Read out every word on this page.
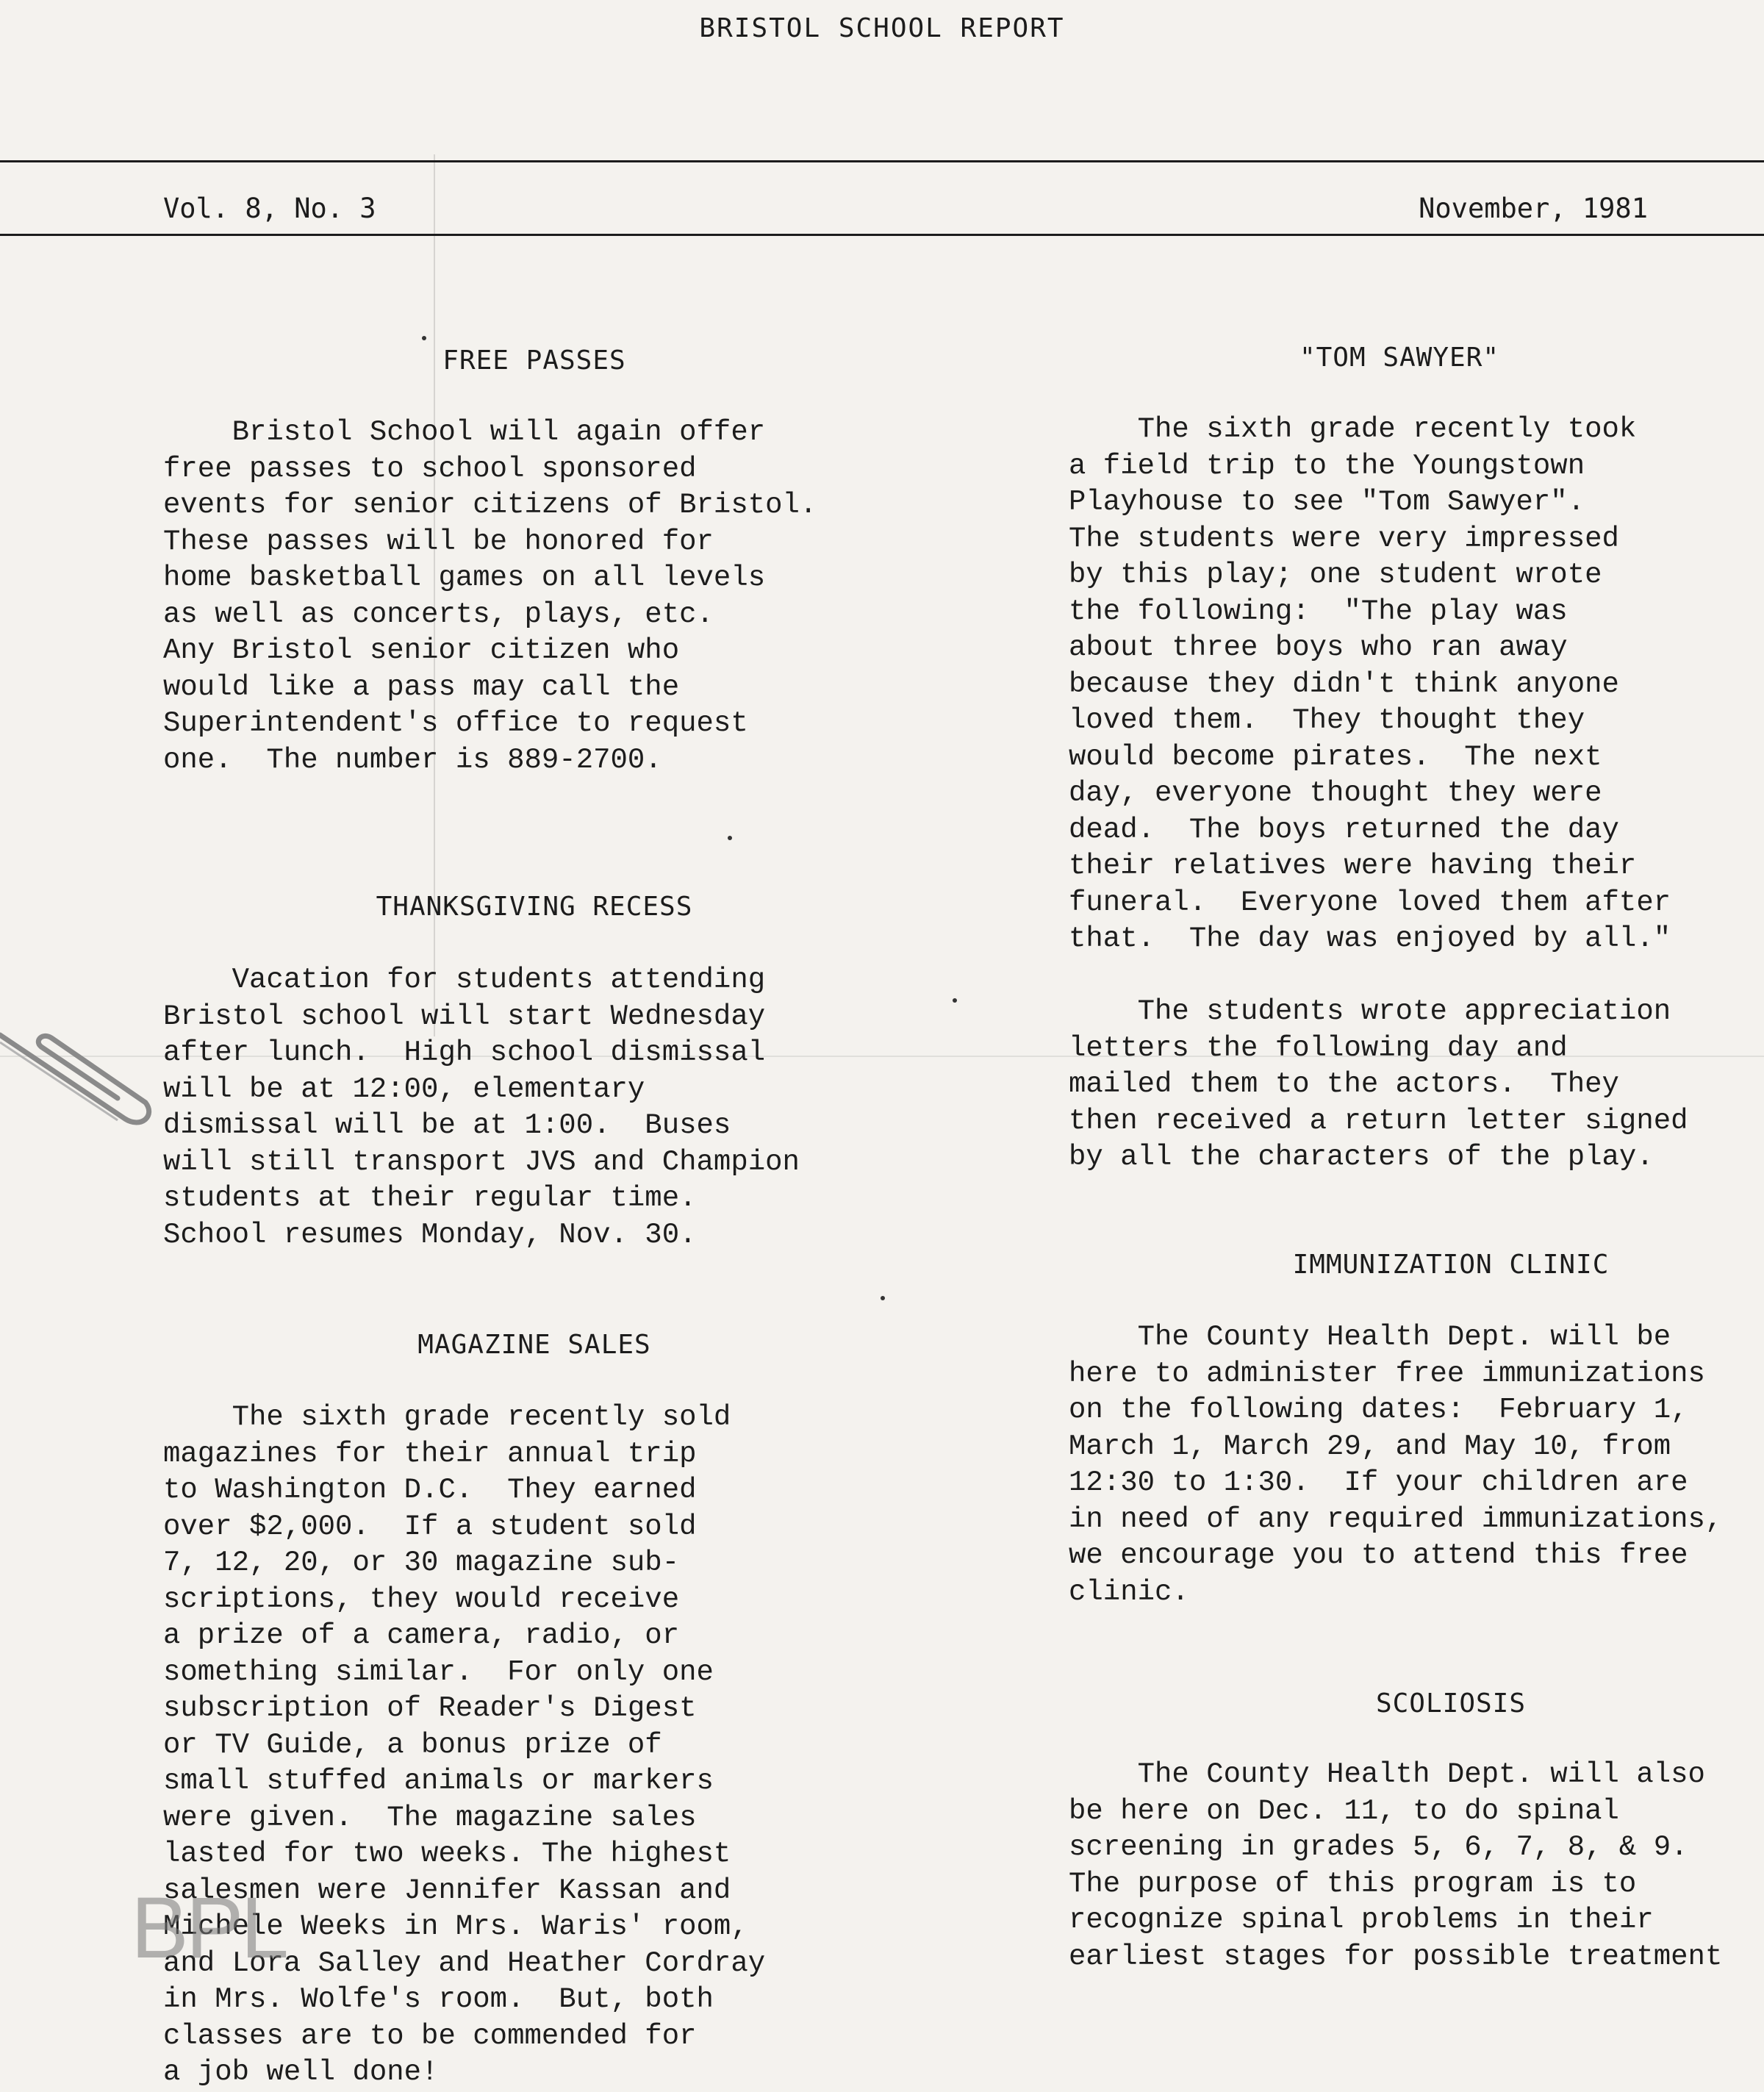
BRISTOL SCHOOL REPORT
Vol. 8, No. 3	November, 1981
FREE PASSES
Bristol School will again offer
free passes to school sponsored
events for senior citizens of Bristol.
These passes will be honored for
home basketball games on all levels
as well as concerts, plays, etc.
Any Bristol senior citizen who
would like a pass may call the
Superintendent's office to request
one.  The number is 889-2700.
THANKSGIVING RECESS
Vacation for students attending
Bristol school will start Wednesday
after lunch.  High school dismissal
will be at 12:00, elementary
dismissal will be at 1:00.  Buses
will still transport JVS and Champion
students at their regular time.
School resumes Monday, Nov. 30.
MAGAZINE SALES
The sixth grade recently sold
magazines for their annual trip
to Washington D.C.  They earned
over $2,000.  If a student sold
7, 12, 20, or 30 magazine sub-
scriptions, they would receive
a prize of a camera, radio, or
something similar.  For only one
subscription of Reader's Digest
or TV Guide, a bonus prize of
small stuffed animals or markers
were given.  The magazine sales
lasted for two weeks. The highest
salesmen were Jennifer Kassan and
Michele Weeks in Mrs. Waris' room,
and Lora Salley and Heather Cordray
in Mrs. Wolfe's room.  But, both
classes are to be commended for
a job well done!
"TOM SAWYER"
The sixth grade recently took
a field trip to the Youngstown
Playhouse to see "Tom Sawyer".
The students were very impressed
by this play; one student wrote
the following:  "The play was
about three boys who ran away
because they didn't think anyone
loved them.  They thought they
would become pirates.  The next
day, everyone thought they were
dead.  The boys returned the day
their relatives were having their
funeral.  Everyone loved them after
that.  The day was enjoyed by all."

The students wrote appreciation
letters the following day and
mailed them to the actors.  They
then received a return letter signed
by all the characters of the play.
IMMUNIZATION CLINIC
The County Health Dept. will be
here to administer free immunizations
on the following dates:  February 1,
March 1, March 29, and May 10, from
12:30 to 1:30.  If your children are
in need of any required immunizations,
we encourage you to attend this free
clinic.
SCOLIOSIS
The County Health Dept. will also
be here on Dec. 11, to do spinal
screening in grades 5, 6, 7, 8, & 9.
The purpose of this program is to
recognize spinal problems in their
earliest stages for possible treatment
BPL
